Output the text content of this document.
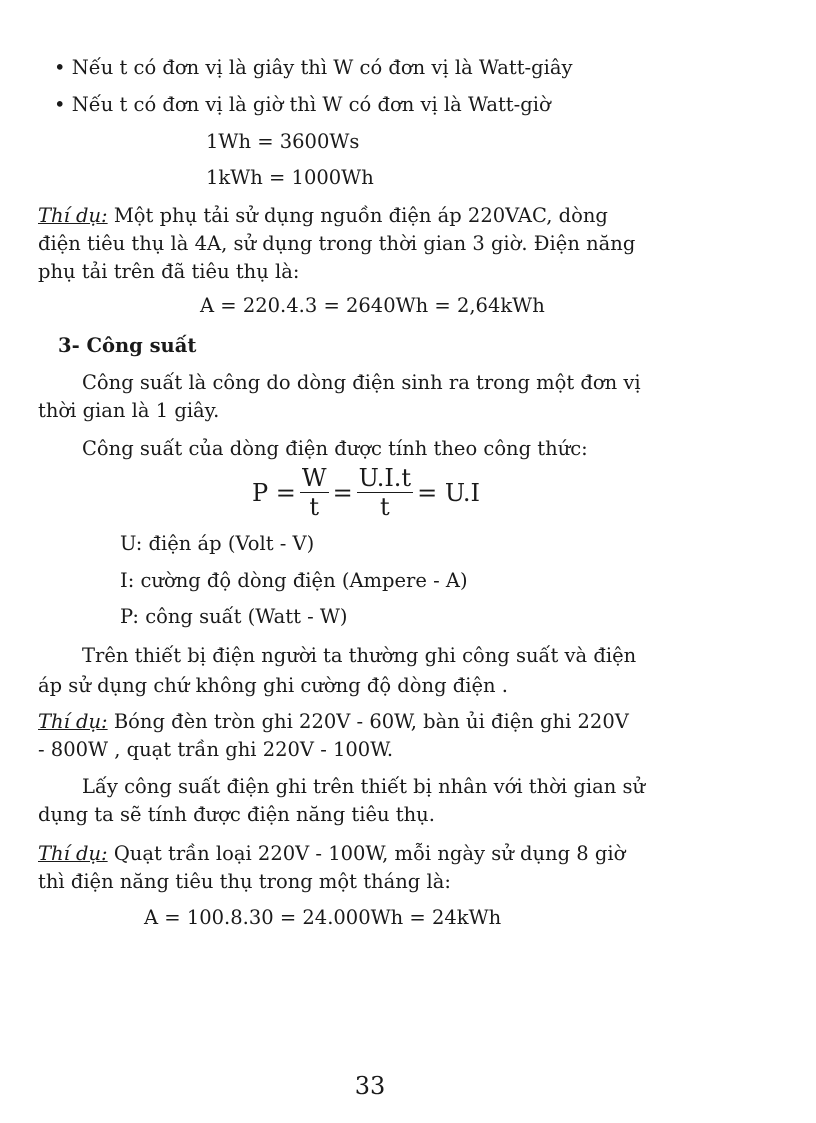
• Nếu t có đơn vị là giây thì W có đơn vị là Watt-giây
• Nếu t có đơn vị là giờ thì W có đơn vị là Watt-giờ
1Wh = 3600Ws
1kWh = 1000Wh
Thí dụ: Một phụ tải sử dụng nguồn điện áp 220VAC, dòng
điện tiêu thụ là 4A, sử dụng trong thời gian 3 giờ. Điện năng
phụ tải trên đã tiêu thụ là:
A = 220.4.3 = 2640Wh = 2,64kWh
3- Công suất
Công suất là công do dòng điện sinh ra trong một đơn vị
thời gian là 1 giây.
Công suất của dòng điện được tính theo công thức:
$P = \frac{W}{t} = \frac{U.I.t}{t} = U.I$
U: điện áp (Volt - V)
I: cường độ dòng điện (Ampere - A)
P: công suất (Watt - W)
Trên thiết bị điện người ta thường ghi công suất và điện
áp sử dụng chứ không ghi cường độ dòng điện .
Thí dụ: Bóng đèn tròn ghi 220V - 60W, bàn ủi điện ghi 220V
- 800W , quạt trần ghi 220V - 100W.
Lấy công suất điện ghi trên thiết bị nhân với thời gian sử
dụng ta sẽ tính được điện năng tiêu thụ.
Thí dụ: Quạt trần loại 220V - 100W, mỗi ngày sử dụng 8 giờ
thì điện năng tiêu thụ trong một tháng là:
A = 100.8.30 = 24.000Wh = 24kWh
33
